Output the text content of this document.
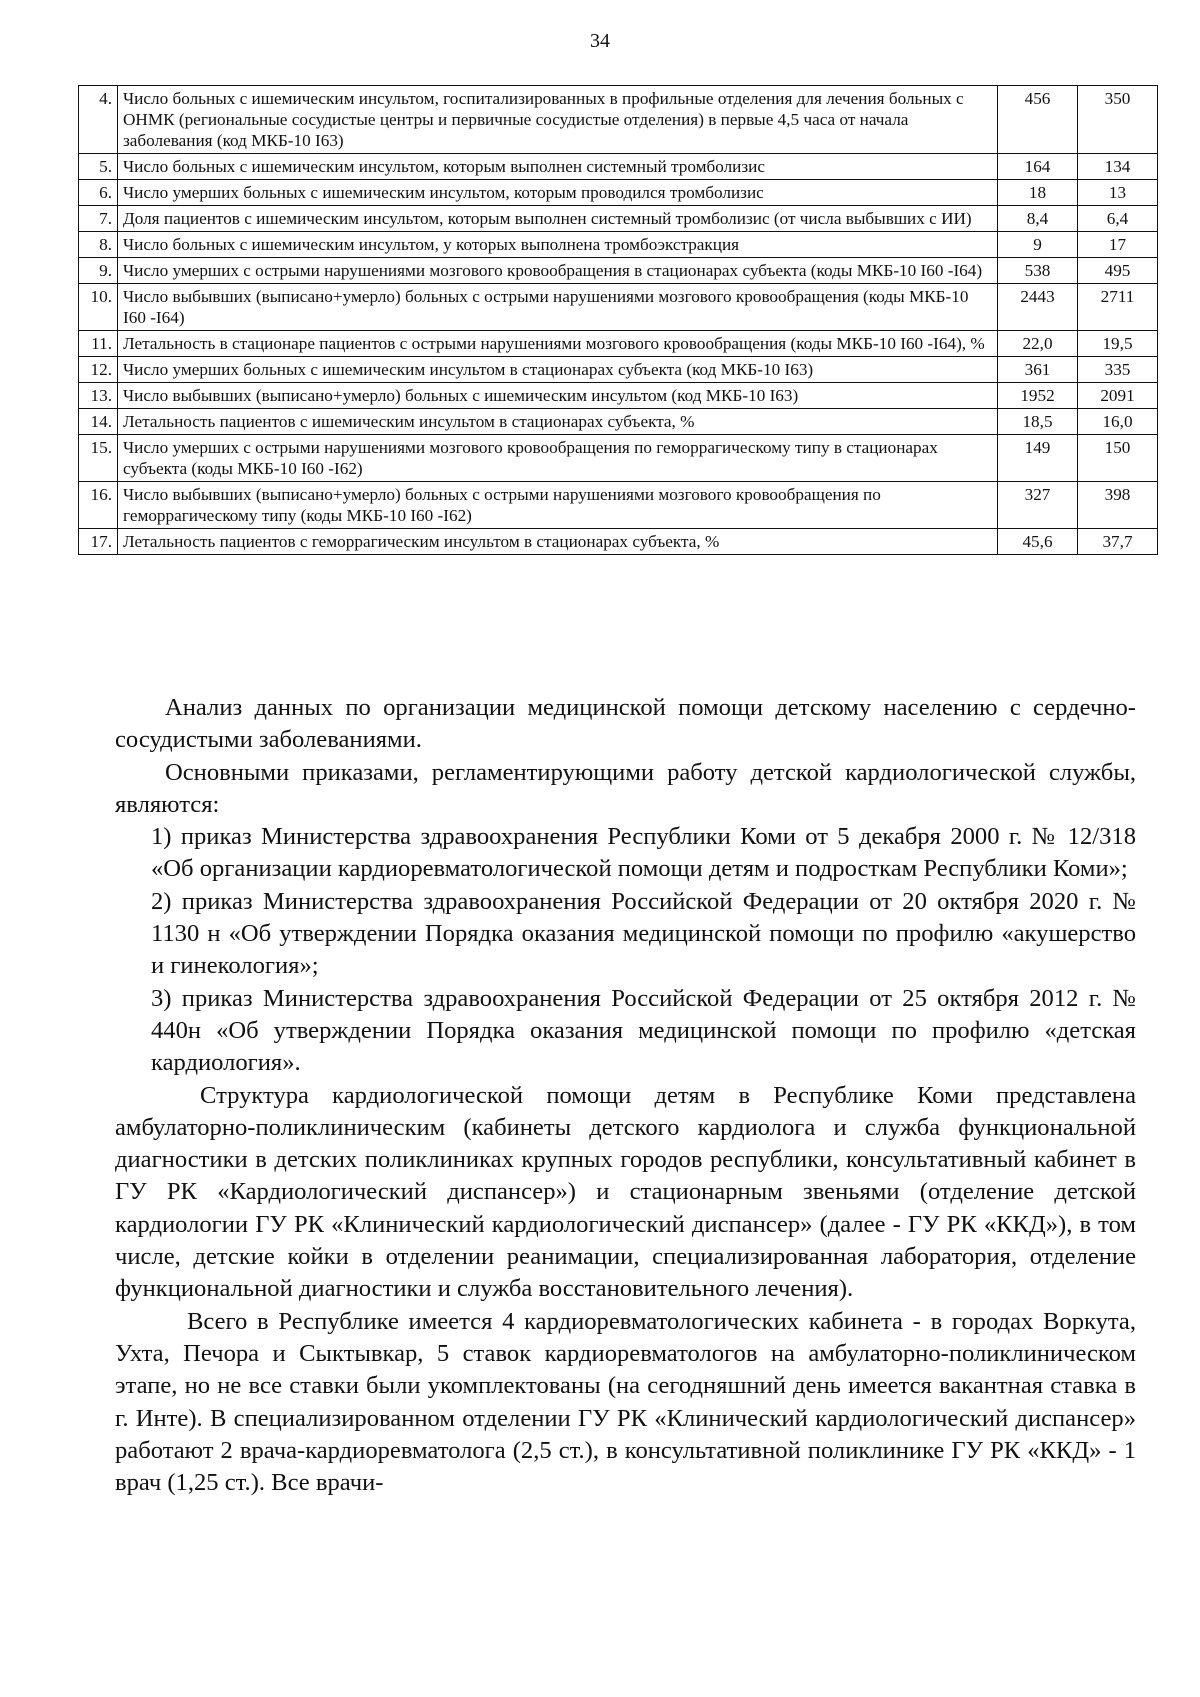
34
4.	Число больных с ишемическим инсультом, госпитализированных в профильные отделения для лечения больных с ОНМК (региональные сосудистые центры и первичные сосудистые отделения) в первые 4,5 часа от начала заболевания (код МКБ-10 I63)	456	350
5.	Число больных с ишемическим инсультом, которым выполнен системный тромболизис	164	134
6.	Число умерших больных с ишемическим инсультом, которым проводился тромболизис	18	13
7.	Доля пациентов с ишемическим инсультом, которым выполнен системный тромболизис (от числа выбывших с ИИ)	8,4	6,4
8.	Число больных с ишемическим инсультом, у которых выполнена тромбоэкстракция	9	17
9.	Число умерших с острыми нарушениями мозгового кровообращения в стационарах субъекта (коды МКБ-10 I60 -I64)	538	495
10.	Число выбывших (выписано+умерло) больных с острыми нарушениями мозгового кровообращения (коды МКБ-10 I60 -I64)	2443	2711
11.	Летальность в стационаре пациентов с острыми нарушениями мозгового кровообращения (коды МКБ-10 I60 -I64), %	22,0	19,5
12.	Число умерших больных с ишемическим инсультом в стационарах субъекта (код МКБ-10 I63)	361	335
13.	Число выбывших (выписано+умерло) больных с ишемическим инсультом (код МКБ-10 I63)	1952	2091
14.	Летальность пациентов с ишемическим инсультом в стационарах субъекта, %	18,5	16,0
15.	Число умерших с острыми нарушениями мозгового кровообращения по геморрагическому типу в стационарах субъекта (коды МКБ-10 I60 -I62)	149	150
16.	Число выбывших (выписано+умерло) больных с острыми нарушениями мозгового кровообращения по геморрагическому типу (коды МКБ-10 I60 -I62)	327	398
17.	Летальность пациентов с геморрагическим инсультом в стационарах субъекта, %	45,6	37,7

Анализ данных по организации медицинской помощи детскому населению с сердечно-сосудистыми заболеваниями.

Основными приказами, регламентирующими работу детской кардиологической службы, являются:

1) приказ Министерства здравоохранения Республики Коми от 5 декабря 2000 г. № 12/318 «Об организации кардиоревматологической помощи детям и подросткам Республики Коми»;

2) приказ Министерства здравоохранения Российской Федерации от 20 октября 2020 г. № 1130 н «Об утверждении Порядка оказания медицинской помощи по профилю «акушерство и гинекология»;

3) приказ Министерства здравоохранения Российской Федерации от 25 октября 2012 г. № 440н «Об утверждении Порядка оказания медицинской помощи по профилю «детская кардиология».

Структура кардиологической помощи детям в Республике Коми представлена амбулаторно-поликлиническим (кабинеты детского кардиолога и служба функциональной диагностики в детских поликлиниках крупных городов республики, консультативный кабинет в ГУ РК «Кардиологический диспансер») и стационарным звеньями (отделение детской кардиологии ГУ РК «Клинический кардиологический диспансер» (далее - ГУ РК «ККД»), в том числе, детские койки в отделении реанимации, специализированная лаборатория, отделение функциональной диагностики и служба восстановительного лечения).

Всего в Республике имеется 4 кардиоревматологических кабинета - в городах Воркута, Ухта, Печора и Сыктывкар, 5 ставок кардиоревматологов на амбулаторно-поликлиническом этапе, но не все ставки были укомплектованы (на сегодняшний день имеется вакантная ставка в г. Инте). В специализированном отделении ГУ РК «Клинический кардиологический диспансер» работают 2 врача-кардиоревматолога (2,5 ст.), в консультативной поликлинике ГУ РК «ККД» - 1 врач (1,25 ст.). Все врачи-
